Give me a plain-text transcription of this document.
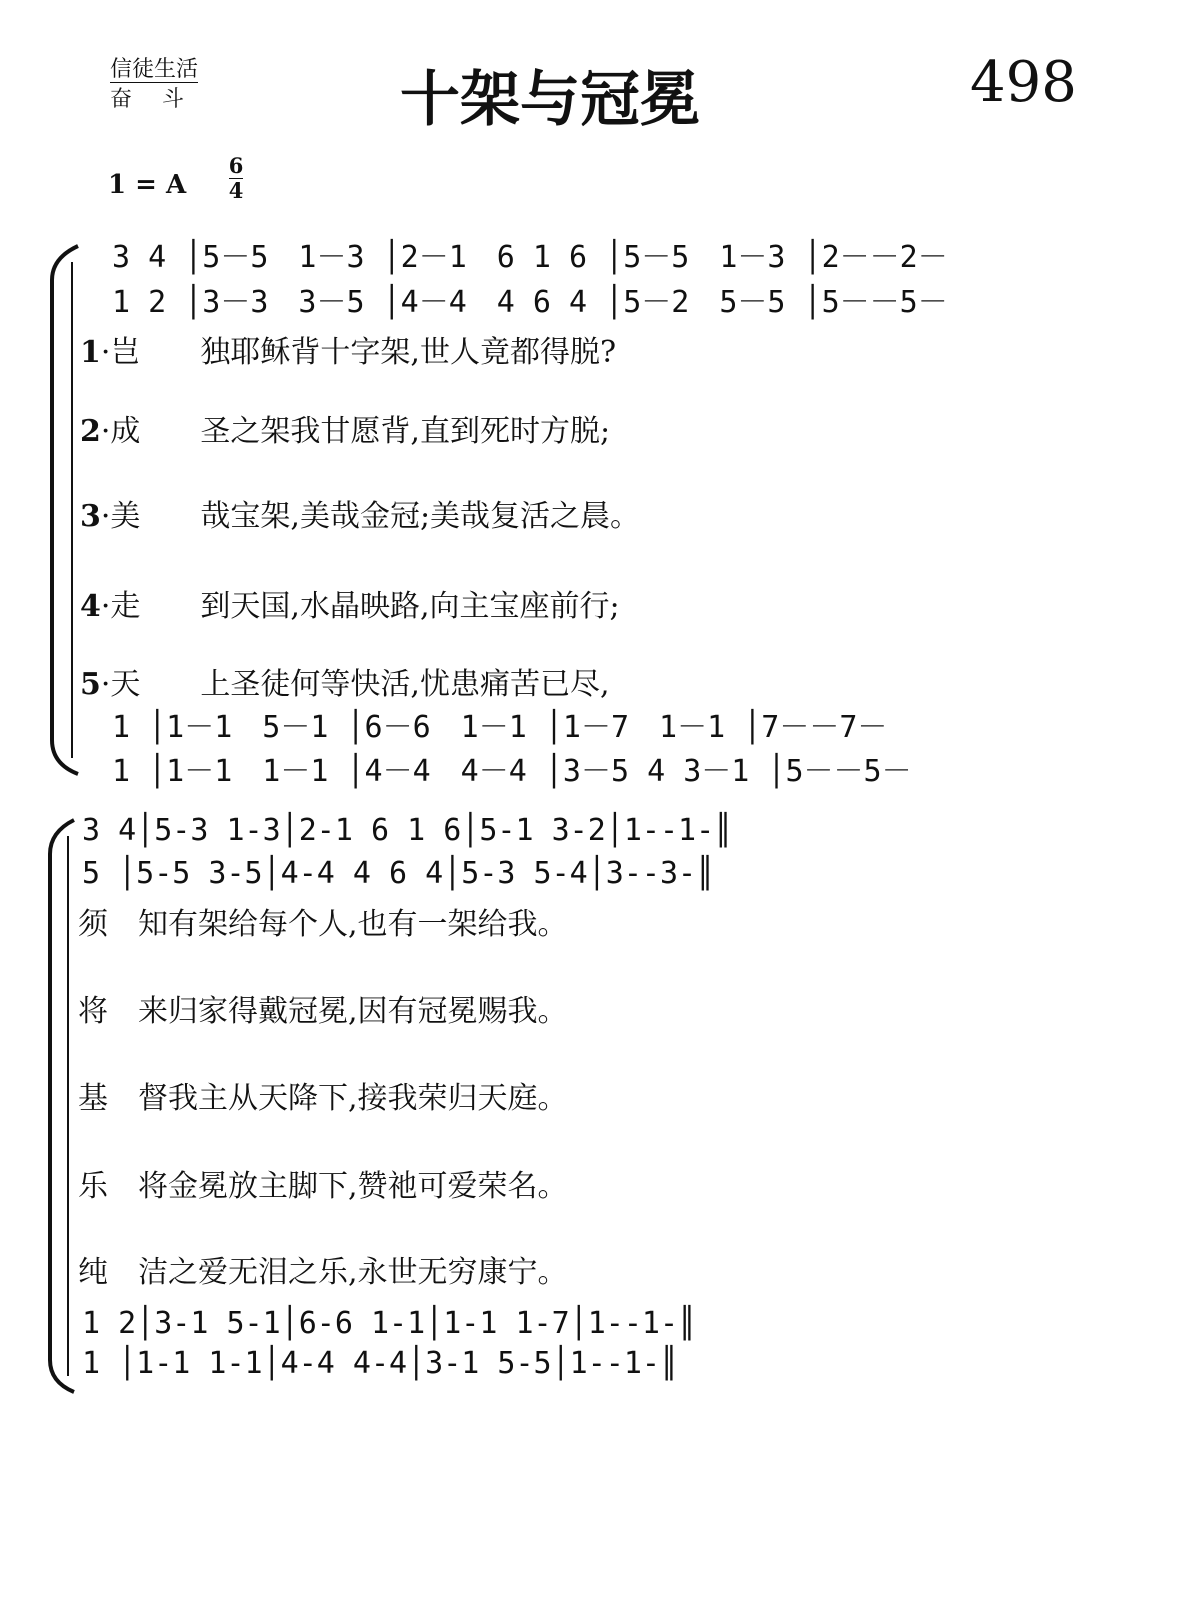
信徒生活
奋　斗	十架与冠冕	498
1 = A
6
4
3 4 │5－5　1－3 │2－1　6 1 6 │5－5　1－3 │2－－2－
1 2 │3－3　3－5 │4－4　4 6 4 │5－2　5－5 │5－－5－
1·岂　　独耶稣背十字架,世人竟都得脱?
2·成　　圣之架我甘愿背,直到死时方脱;
3·美　　哉宝架,美哉金冠;美哉复活之晨。
4·走　　到天国,水晶映路,向主宝座前行;
5·天　　上圣徒何等快活,忧患痛苦已尽,
1 │1－1　5－1 │6－6　1－1 │1－7　1－1 │7－－7－
1 │1－1　1－1 │4－4　4－4 │3－5 4 3－1 │5－－5－
3 4│5-3 1-3│2-1 6 1 6│5-1 3-2│1--1-║
5 │5-5 3-5│4-4 4 6 4│5-3 5-4│3--3-║
须　知有架给每个人,也有一架给我。
将　来归家得戴冠冕,因有冠冕赐我。
基　督我主从天降下,接我荣归天庭。
乐　将金冕放主脚下,赞祂可爱荣名。
纯　洁之爱无泪之乐,永世无穷康宁。
1 2│3-1 5-1│6-6 1-1│1-1 1-7│1--1-║
1 │1-1 1-1│4-4 4-4│3-1 5-5│1--1-║
